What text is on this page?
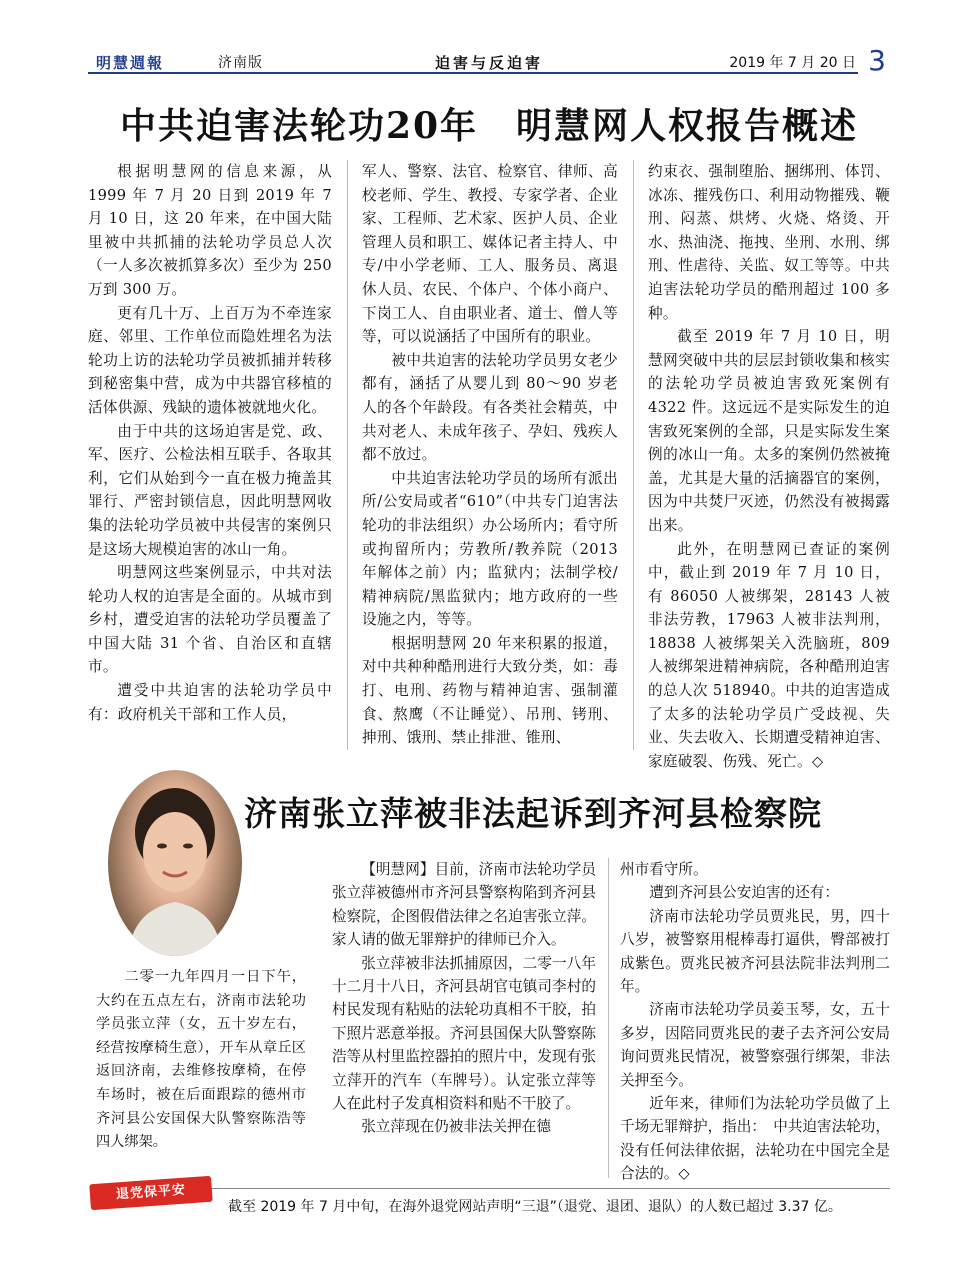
明慧週報	济南版	迫害与反迫害	2019 年 7 月 20 日 3
中共迫害法轮功20年　明慧网人权报告概述

根据明慧网的信息来源，从 1999 年 7 月 20 日到 2019 年 7 月 10 日，这 20 年来，在中国大陆里被中共抓捕的法轮功学员总人次（一人多次被抓算多次）至少为 250 万到 300 万。

更有几十万、上百万为不牵连家庭、邻里、工作单位而隐姓埋名为法轮功上访的法轮功学员被抓捕并转移到秘密集中营，成为中共器官移植的活体供源、残缺的遗体被就地火化。

由于中共的这场迫害是党、政、军、医疗、公检法相互联手、各取其利，它们从始到今一直在极力掩盖其罪行、严密封锁信息，因此明慧网收集的法轮功学员被中共侵害的案例只是这场大规模迫害的冰山一角。

明慧网这些案例显示，中共对法轮功人权的迫害是全面的。从城市到乡村，遭受迫害的法轮功学员覆盖了中国大陆 31 个省、自治区和直辖市。

遭受中共迫害的法轮功学员中有：政府机关干部和工作人员，

军人、警察、法官、检察官、律师、高校老师、学生、教授、专家学者、企业家、工程师、艺术家、医护人员、企业管理人员和职工、媒体记者主持人、中专/中小学老师、工人、服务员、离退休人员、农民、个体户、个体小商户、下岗工人、自由职业者、道士、僧人等等，可以说涵括了中国所有的职业。

被中共迫害的法轮功学员男女老少都有，涵括了从婴儿到 80～90 岁老人的各个年龄段。有各类社会精英，中共对老人、未成年孩子、孕妇、残疾人都不放过。

中共迫害法轮功学员的场所有派出所/公安局或者“610”（中共专门迫害法轮功的非法组织）办公场所内；看守所或拘留所内；劳教所/教养院（2013 年解体之前）内；监狱内；法制学校/精神病院/黑监狱内；地方政府的一些设施之内，等等。

根据明慧网 20 年来积累的报道，对中共种种酷刑进行大致分类，如：毒打、电刑、药物与精神迫害、强制灌食、熬鹰（不让睡觉）、吊刑、铐刑、抻刑、饿刑、禁止排泄、锥刑、

约束衣、强制堕胎、捆绑刑、体罚、冰冻、摧残伤口、利用动物摧残、鞭刑、闷蒸、烘烤、火烧、烙烫、开水、热油浇、拖拽、坐刑、水刑、绑刑、性虐待、关监、奴工等等。中共迫害法轮功学员的酷刑超过 100 多种。

截至 2019 年 7 月 10 日，明慧网突破中共的层层封锁收集和核实的法轮功学员被迫害致死案例有 4322 件。这远远不是实际发生的迫害致死案例的全部，只是实际发生案例的冰山一角。太多的案例仍然被掩盖，尤其是大量的活摘器官的案例，因为中共焚尸灭迹，仍然没有被揭露出来。

此外，在明慧网已查证的案例中，截止到 2019 年 7 月 10 日，有 86050 人被绑架，28143 人被非法劳教，17963 人被非法判刑，18838 人被绑架关入洗脑班，809 人被绑架进精神病院，各种酷刑迫害的总人次 518940。中共的迫害造成了太多的法轮功学员广受歧视、失业、失去收入、长期遭受精神迫害、家庭破裂、伤残、死亡。◇

济南张立萍被非法起诉到齐河县检察院

二零一九年四月一日下午，大约在五点左右，济南市法轮功学员张立萍（女，五十岁左右，经营按摩椅生意），开车从章丘区返回济南，去维修按摩椅，在停车场时，被在后面跟踪的德州市齐河县公安国保大队警察陈浩等四人绑架。

【明慧网】目前，济南市法轮功学员张立萍被德州市齐河县警察构陷到齐河县检察院，企图假借法律之名迫害张立萍。家人请的做无罪辩护的律师已介入。

张立萍被非法抓捕原因，二零一八年十二月十八日，齐河县胡官屯镇司李村的村民发现有粘贴的法轮功真相不干胶，拍下照片恶意举报。齐河县国保大队警察陈浩等从村里监控器拍的照片中，发现有张立萍开的汽车（车牌号）。认定张立萍等人在此村子发真相资料和贴不干胶了。

张立萍现在仍被非法关押在德

州市看守所。

遭到齐河县公安迫害的还有：

济南市法轮功学员贾兆民，男，四十八岁，被警察用棍棒毒打逼供，臀部被打成紫色。贾兆民被齐河县法院非法判刑二年。

济南市法轮功学员姜玉琴，女，五十多岁，因陪同贾兆民的妻子去齐河公安局询问贾兆民情况，被警察强行绑架，非法关押至今。

近年来，律师们为法轮功学员做了上千场无罪辩护，指出：　中共迫害法轮功，没有任何法律依据，法轮功在中国完全是合法的。◇

退党保平安
截至 2019 年 7 月中旬，在海外退党网站声明“三退”（退党、退团、退队）的人数已超过 3.37 亿。
